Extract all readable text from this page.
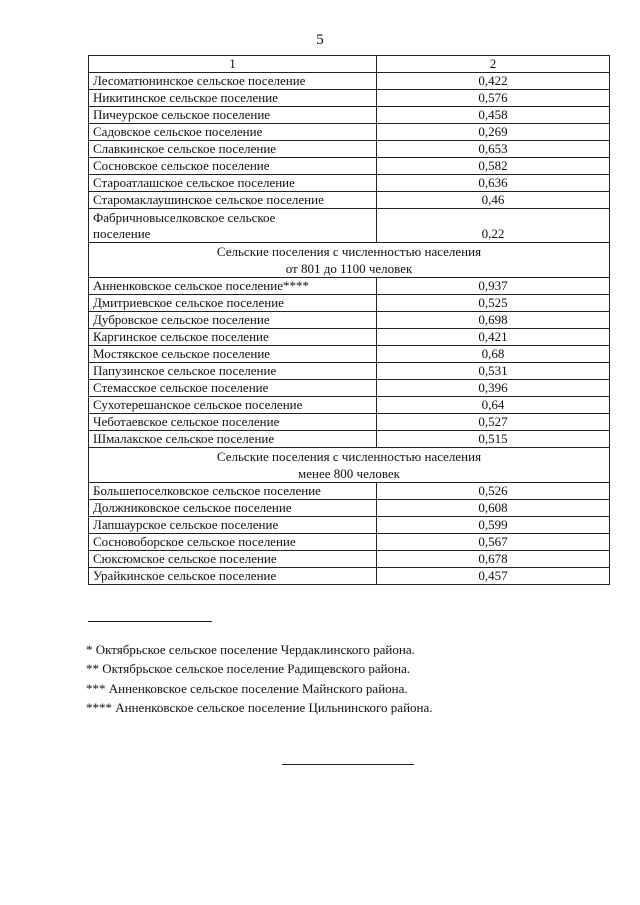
5
1	2
Лесоматюнинское сельское поселение	0,422
Никитинское сельское поселение	0,576
Пичеурское сельское поселение	0,458
Садовское сельское поселение	0,269
Славкинское сельское поселение	0,653
Сосновское сельское поселение	0,582
Староатлашское сельское поселение	0,636
Старомаклаушинское сельское поселение	0,46

Фабричновыселковское сельское
поселение	0,22

Сельские поселения с численностью населения
от 801 до 1100 человек	

Анненковское сельское поселение****	0,937
Дмитриевское сельское поселение	0,525
Дубровское сельское поселение	0,698
Каргинское сельское поселение	0,421
Мостякское сельское поселение	0,68
Папузинское сельское поселение	0,531
Стемасское сельское поселение	0,396
Сухотерешанское сельское поселение	0,64
Чеботаевское сельское поселение	0,527
Шмалакское сельское поселение	0,515

Сельские поселения с численностью населения
менее 800 человек	

Большепоселковское сельское поселение	0,526
Должниковское сельское поселение	0,608
Лапшаурское сельское поселение	0,599
Сосновоборское сельское поселение	0,567
Сюксюмское сельское поселение	0,678
Урайкинское сельское поселение	0,457
* Октябрьское сельское поселение Чердаклинского района.
** Октябрьское сельское поселение Радищевского района.
*** Анненковское сельское поселение Майнского района.
**** Анненковское сельское поселение Цильнинского района.
